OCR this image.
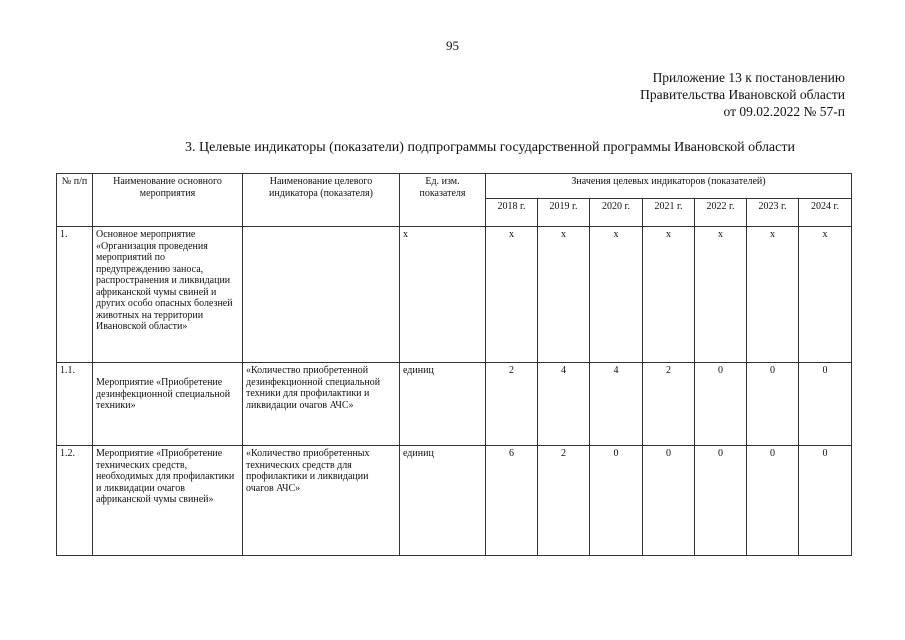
95
Приложение 13 к постановлению
Правительства Ивановской области
от 09.02.2022 № 57-п
3. Целевые индикаторы (показатели) подпрограммы государственной программы Ивановской области
№ п/п	Наименование основного мероприятия	Наименование целевого индикатора (показателя)	Ед. изм. показателя	Значения целевых индикаторов (показателей)						
				2018 г.	2019 г.	2020 г.	2021 г.	2022 г.	2023 г.	2024 г.
1.	Основное мероприятие «Организация проведения мероприятий по предупреждению заноса, распространения и ликвидации африканской чумы свиней и других особо опасных болезней животных на территории Ивановской области»		х	х	х	х	х	х	х	х
1.1.	Мероприятие «Приобретение дезинфекционной специальной техники»	«Количество приобретенной дезинфекционной специальной техники для профилактики и ликвидации очагов АЧС»	единиц	2	4	4	2	0	0	0
1.2.	Мероприятие «Приобретение технических средств, необходимых для профилактики и ликвидации очагов африканской чумы свиней»	«Количество приобретенных технических средств для профилактики и ликвидации очагов АЧС»	единиц	6	2	0	0	0	0	0
